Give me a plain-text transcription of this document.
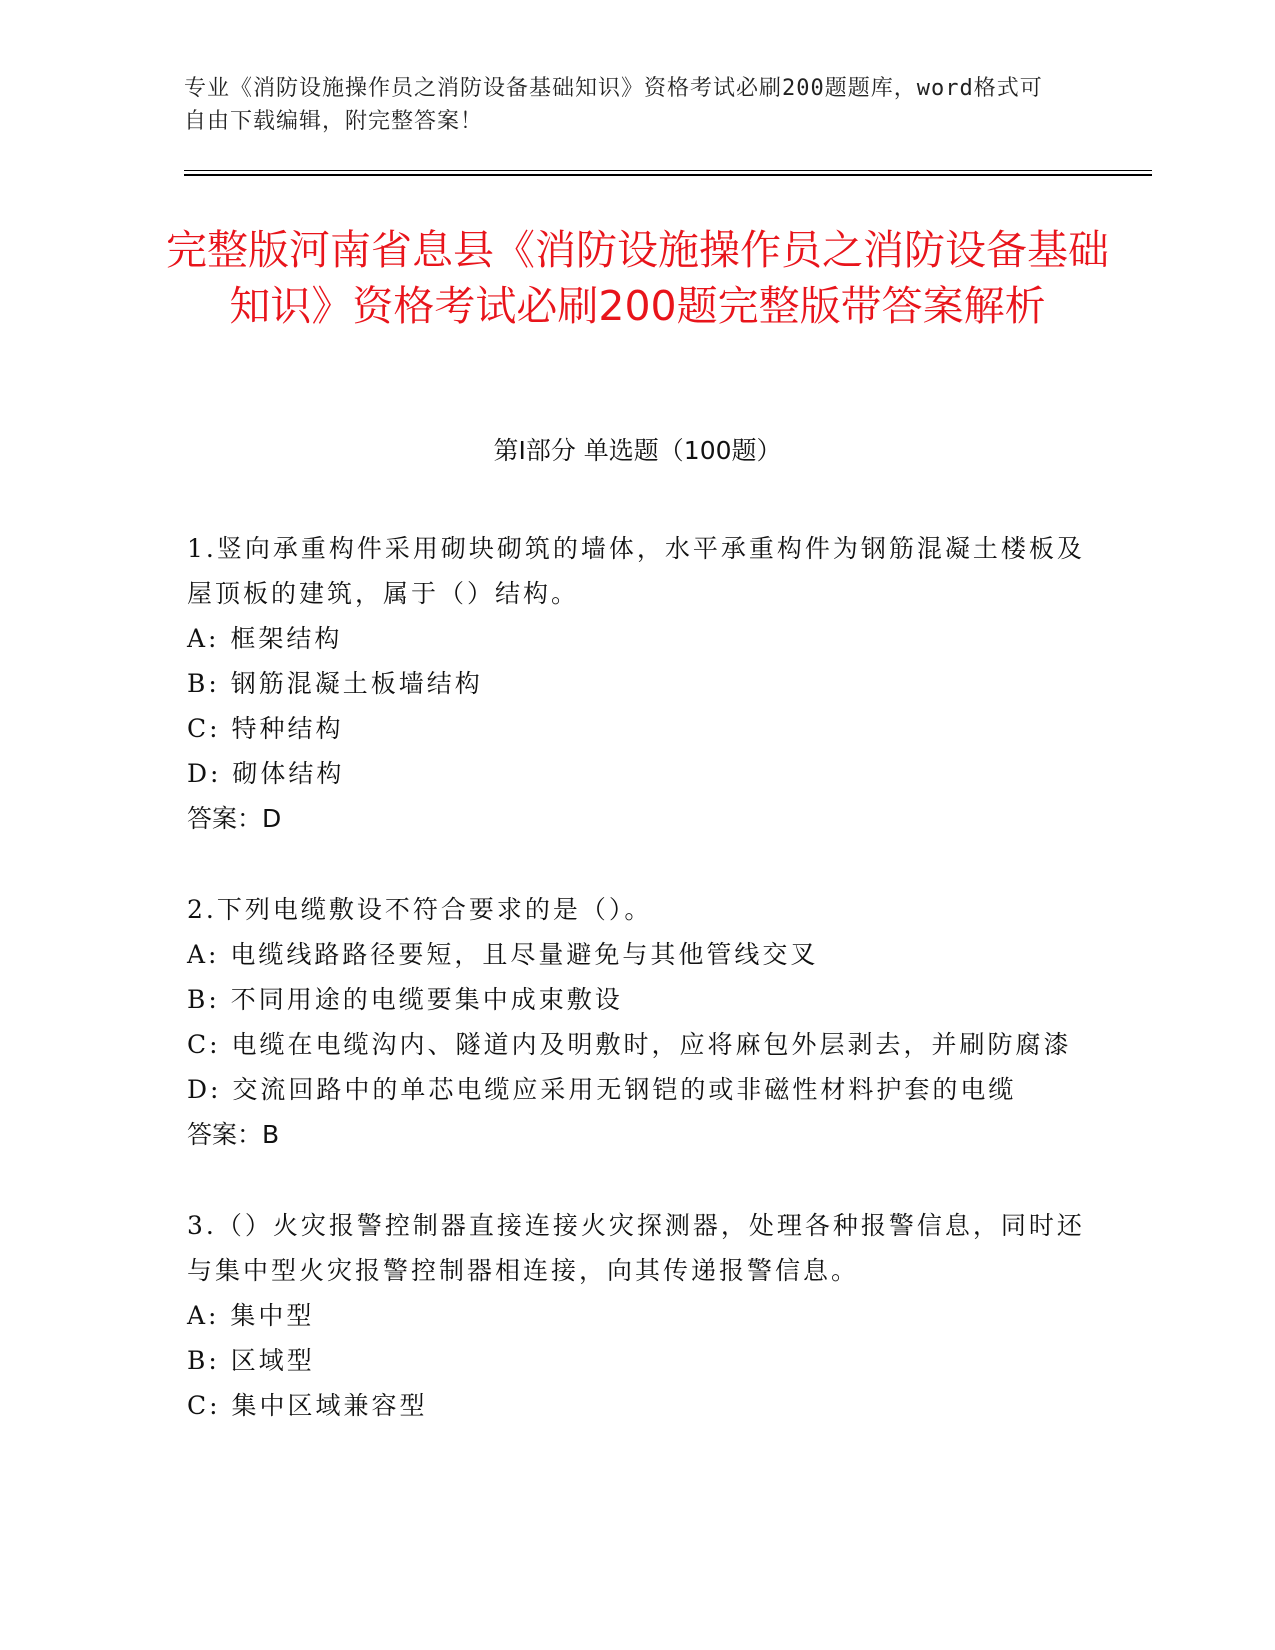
专业《消防设施操作员之消防设备基础知识》资格考试必刷200题题库，word格式可自由下载编辑，附完整答案！
完整版河南省息县《消防设施操作员之消防设备基础知识》资格考试必刷200题完整版带答案解析
第Ⅰ部分 单选题（100题）
1.竖向承重构件采用砌块砌筑的墙体，水平承重构件为钢筋混凝土楼板及屋顶板的建筑，属于（）结构。
A: 框架结构
B: 钢筋混凝土板墙结构
C: 特种结构
D: 砌体结构
答案：D
2.下列电缆敷设不符合要求的是（）。
A: 电缆线路路径要短，且尽量避免与其他管线交叉
B: 不同用途的电缆要集中成束敷设
C: 电缆在电缆沟内、隧道内及明敷时，应将麻包外层剥去，并刷防腐漆
D: 交流回路中的单芯电缆应采用无钢铠的或非磁性材料护套的电缆
答案：B
3.（）火灾报警控制器直接连接火灾探测器，处理各种报警信息，同时还与集中型火灾报警控制器相连接，向其传递报警信息。
A: 集中型
B: 区域型
C: 集中区域兼容型
